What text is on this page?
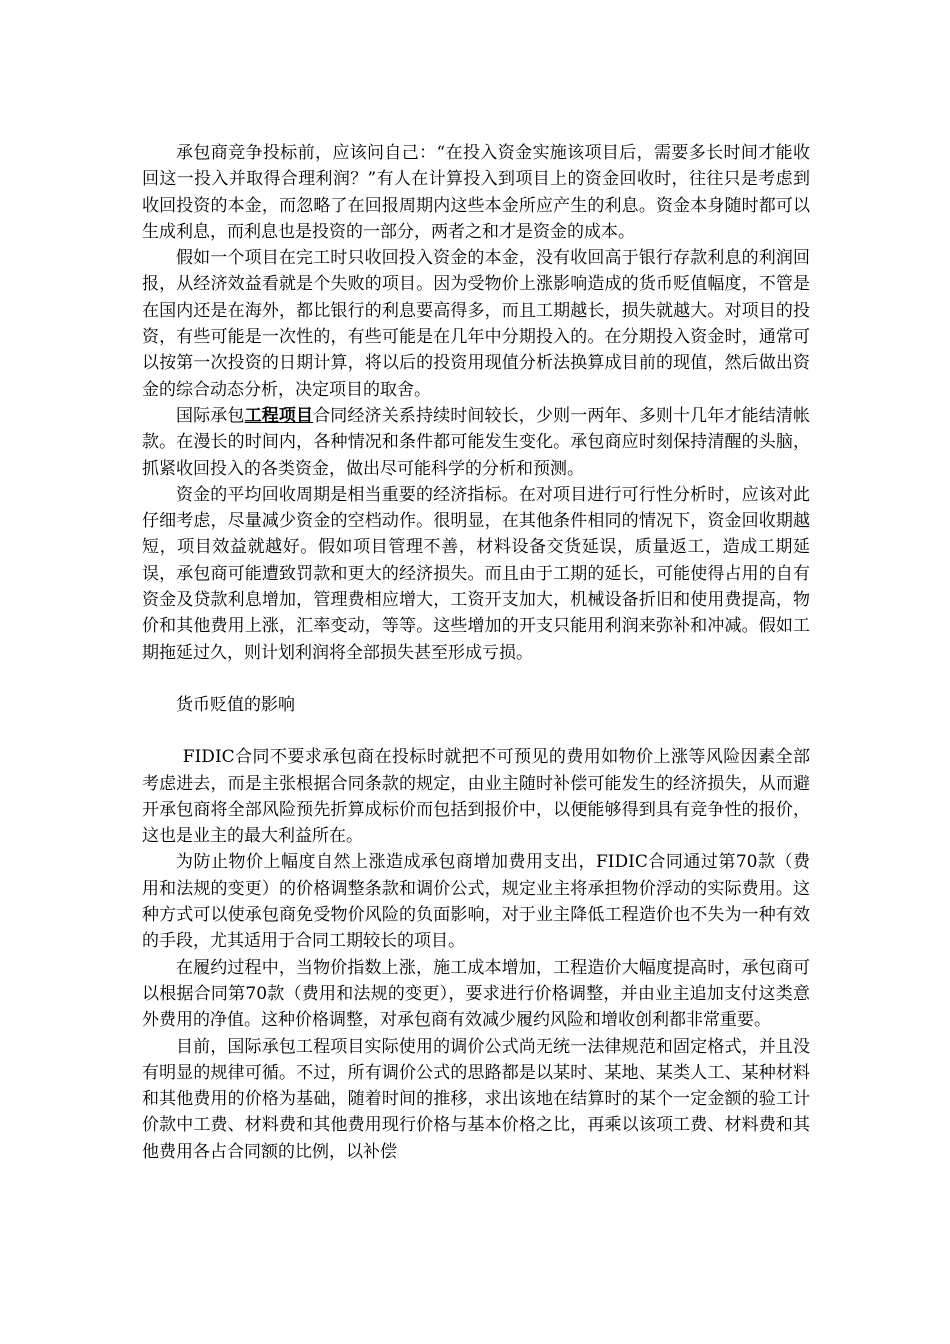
承包商竞争投标前，应该问自己：“在投入资金实施该项目后，需要多长时间才能收回这一投入并取得合理利润？”有人在计算投入到项目上的资金回收时，往往只是考虑到收回投资的本金，而忽略了在回报周期内这些本金所应产生的利息。资金本身随时都可以生成利息，而利息也是投资的一部分，两者之和才是资金的成本。

假如一个项目在完工时只收回投入资金的本金，没有收回高于银行存款利息的利润回报，从经济效益看就是个失败的项目。因为受物价上涨影响造成的货币贬值幅度，不管是在国内还是在海外，都比银行的利息要高得多，而且工期越长，损失就越大。对项目的投资，有些可能是一次性的，有些可能是在几年中分期投入的。在分期投入资金时，通常可以按第一次投资的日期计算，将以后的投资用现值分析法换算成目前的现值，然后做出资金的综合动态分析，决定项目的取舍。

国际承包工程项目合同经济关系持续时间较长，少则一两年、多则十几年才能结清帐款。在漫长的时间内，各种情况和条件都可能发生变化。承包商应时刻保持清醒的头脑，抓紧收回投入的各类资金，做出尽可能科学的分析和预测。

资金的平均回收周期是相当重要的经济指标。在对项目进行可行性分析时，应该对此仔细考虑，尽量减少资金的空档动作。很明显，在其他条件相同的情况下，资金回收期越短，项目效益就越好。假如项目管理不善，材料设备交货延误，质量返工，造成工期延误，承包商可能遭致罚款和更大的经济损失。而且由于工期的延长，可能使得占用的自有资金及贷款利息增加，管理费相应增大，工资开支加大，机械设备折旧和使用费提高，物价和其他费用上涨，汇率变动，等等。这些增加的开支只能用利润来弥补和冲减。假如工期拖延过久，则计划利润将全部损失甚至形成亏损。

货币贬值的影响

FIDIC合同不要求承包商在投标时就把不可预见的费用如物价上涨等风险因素全部考虑进去，而是主张根据合同条款的规定，由业主随时补偿可能发生的经济损失，从而避开承包商将全部风险预先折算成标价而包括到报价中，以便能够得到具有竞争性的报价，这也是业主的最大利益所在。

为防止物价上幅度自然上涨造成承包商增加费用支出，FIDIC合同通过第70款（费用和法规的变更）的价格调整条款和调价公式，规定业主将承担物价浮动的实际费用。这种方式可以使承包商免受物价风险的负面影响，对于业主降低工程造价也不失为一种有效的手段，尤其适用于合同工期较长的项目。

在履约过程中，当物价指数上涨，施工成本增加，工程造价大幅度提高时，承包商可以根据合同第70款（费用和法规的变更），要求进行价格调整，并由业主追加支付这类意外费用的净值。这种价格调整，对承包商有效减少履约风险和增收创利都非常重要。

目前，国际承包工程项目实际使用的调价公式尚无统一法律规范和固定格式，并且没有明显的规律可循。不过，所有调价公式的思路都是以某时、某地、某类人工、某种材料和其他费用的价格为基础，随着时间的推移，求出该地在结算时的某个一定金额的验工计价款中工费、材料费和其他费用现行价格与基本价格之比，再乘以该项工费、材料费和其他费用各占合同额的比例，以补偿
